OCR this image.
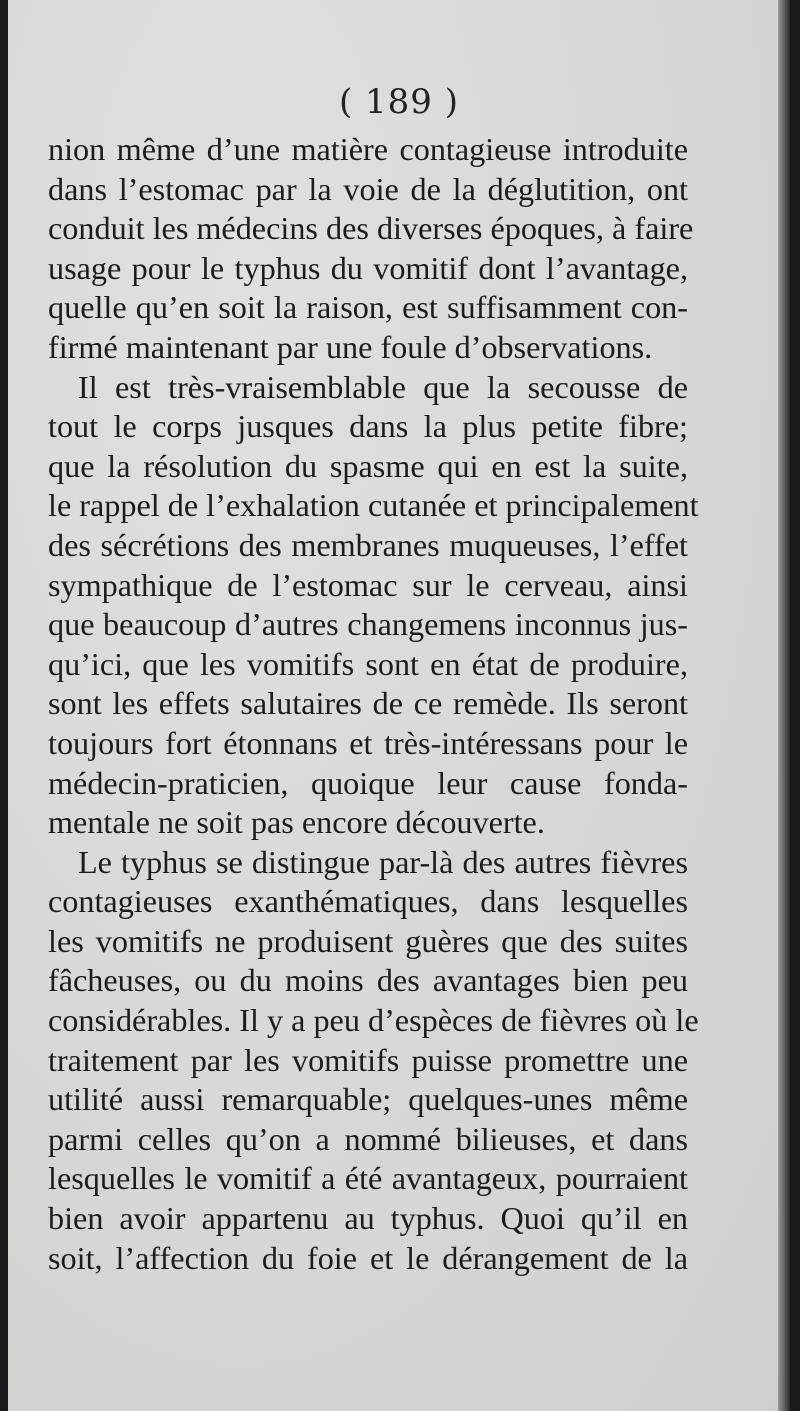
( 189 )
nion même d’une matière contagieuse introduite
dans l’estomac par la voie de la déglutition, ont
conduit les médecins des diverses époques, à faire
usage pour le typhus du vomitif dont l’avantage,
quelle qu’en soit la raison, est suffisamment con-
firmé maintenant par une foule d’observations.
Il est très-vraisemblable que la secousse de
tout le corps jusques dans la plus petite fibre;
que la résolution du spasme qui en est la suite,
le rappel de l’exhalation cutanée et principalement
des sécrétions des membranes muqueuses, l’effet
sympathique de l’estomac sur le cerveau, ainsi
que beaucoup d’autres changemens inconnus jus-
qu’ici, que les vomitifs sont en état de produire,
sont les effets salutaires de ce remède. Ils seront
toujours fort étonnans et très-intéressans pour le
médecin-praticien, quoique leur cause fonda-
mentale ne soit pas encore découverte.
Le typhus se distingue par-là des autres fièvres
contagieuses exanthématiques, dans lesquelles
les vomitifs ne produisent guères que des suites
fâcheuses, ou du moins des avantages bien peu
considérables. Il y a peu d’espèces de fièvres où le
traitement par les vomitifs puisse promettre une
utilité aussi remarquable; quelques-unes même
parmi celles qu’on a nommé bilieuses, et dans
lesquelles le vomitif a été avantageux, pourraient
bien avoir appartenu au typhus. Quoi qu’il en
soit, l’affection du foie et le dérangement de la
